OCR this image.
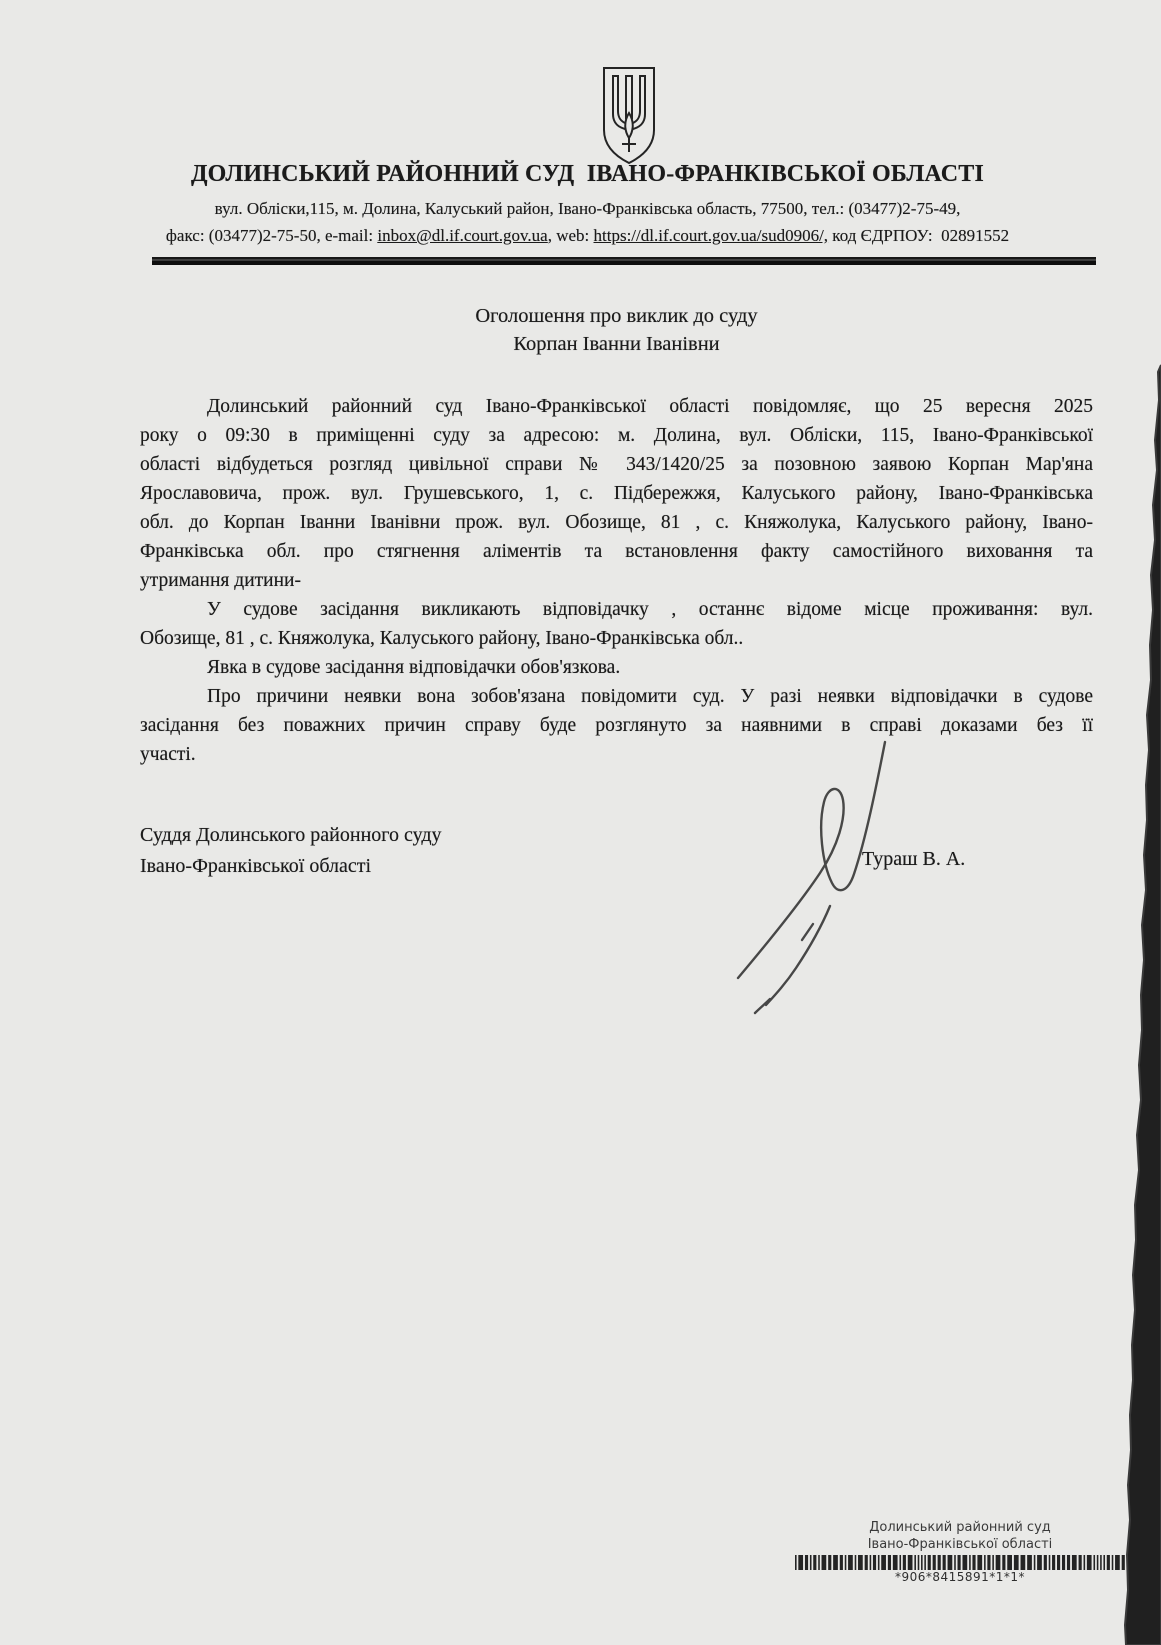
ДОЛИНСЬКИЙ РАЙОННИЙ СУД  ІВАНО-ФРАНКІВСЬКОЇ ОБЛАСТІ
вул. Обліски,115, м. Долина, Калуський район, Івано-Франківська область, 77500, тел.: (03477)2-75-49,
факс: (03477)2-75-50, e-mail: inbox@dl.if.court.gov.ua, web: https://dl.if.court.gov.ua/sud0906/, код ЄДРПОУ:  02891552
Оголошення про виклик до суду
Корпан Іванни Іванівни
Долинський районний суд Івано-Франківської області повідомляє, що 25 вересня 2025
року о 09:30 в приміщенні суду за адресою: м. Долина, вул. Обліски, 115, Івано-Франківської
області відбудеться розгляд цивільної справи № 343/1420/25 за позовною заявою Корпан Мар'яна
Ярославовича, прож. вул. Грушевського, 1, с. Підбережжя, Калуського району, Івано-Франківська
обл. до Корпан Іванни Іванівни прож. вул. Обозище, 81 , с. Княжолука, Калуського району, Івано-
Франківська обл. про стягнення аліментів та встановлення факту самостійного виховання та
утримання дитини-
У судове засідання викликають відповідачку , останнє відоме місце проживання: вул.
Обозище, 81 , с. Княжолука, Калуського району, Івано-Франківська обл..
Явка в судове засідання відповідачки обов'язкова.
Про причини неявки вона зобов'язана повідомити суд. У разі неявки відповідачки в судове
засідання без поважних причин справу буде розглянуто за наявними в справі доказами без її
участі.
Суддя Долинського районного суду
Івано-Франківської області	Тураш В. А.
Долинський районний суд
Івано-Франківської області
*906*8415891*1*1*
